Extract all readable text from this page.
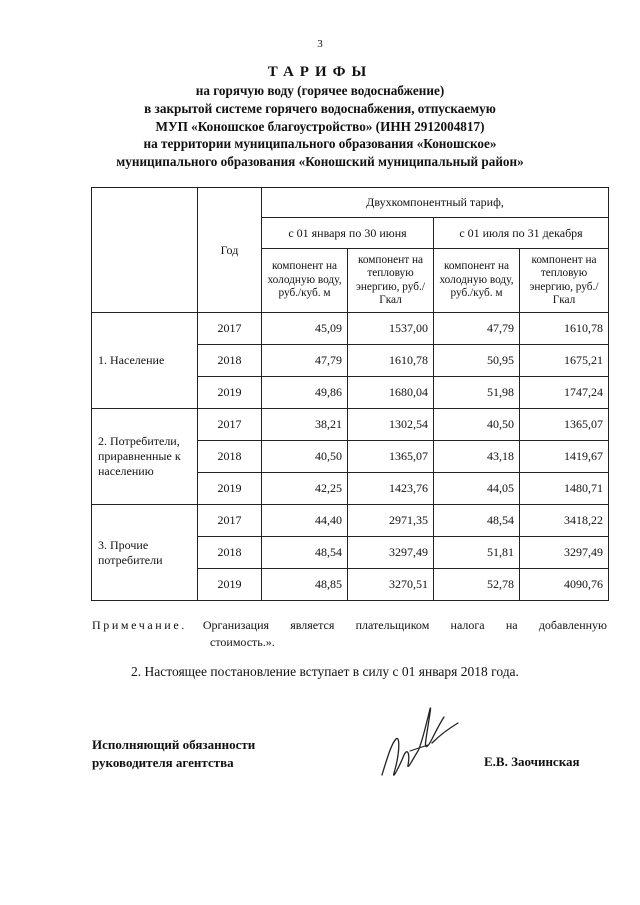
3
ТАРИФЫ
на горячую воду (горячее водоснабжение)
в закрытой системе горячего водоснабжения, отпускаемую
МУП «Коношское благоустройство» (ИНН 2912004817)
на территории муниципального образования «Коношское»
муниципального образования «Коношский муниципальный район»
	Год	Двухкомпонентный тариф,			
		с 01 января по 30 июня		с 01 июля по 31 декабря	
		компонент на холодную воду, руб./куб. м	компонент на тепловую энергию, руб./Гкал	компонент на холодную воду, руб./куб. м	компонент на тепловую энергию, руб./Гкал
1. Население	2017	45,09	1537,00	47,79	1610,78
	2018	47,79	1610,78	50,95	1675,21
	2019	49,86	1680,04	51,98	1747,24
2. Потребители, приравненные к населению	2017	38,21	1302,54	40,50	1365,07
	2018	40,50	1365,07	43,18	1419,67
	2019	42,25	1423,76	44,05	1480,71
3. Прочие потребители	2017	44,40	2971,35	48,54	3418,22
	2018	48,54	3297,49	51,81	3297,49
	2019	48,85	3270,51	52,78	4090,76
Примечание. Организация является плательщиком налога на добавленную
стоимость.».
2. Настоящее постановление вступает в силу с 01 января 2018 года.
Исполняющий обязанности
руководителя агентства	Е.В. Заочинская
